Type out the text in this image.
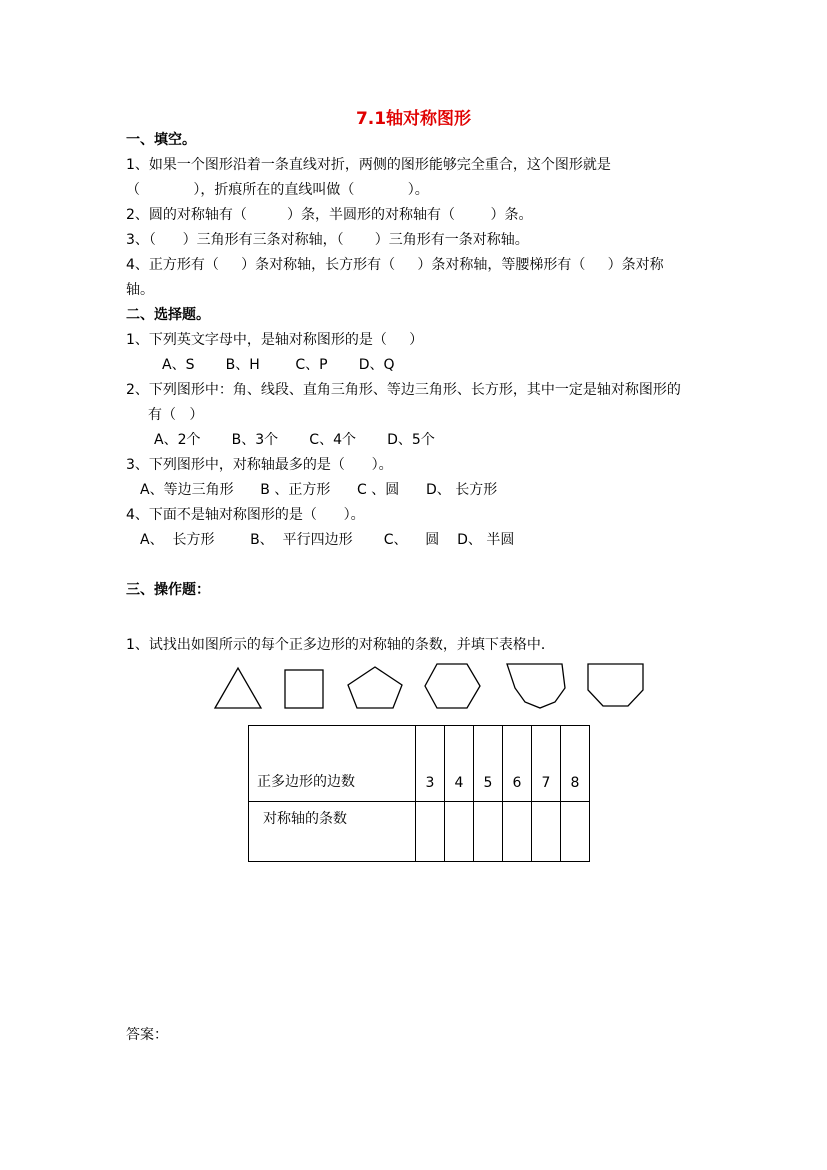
7.1轴对称图形
一、填空。
1、如果一个图形沿着一条直线对折，两侧的图形能够完全重合，这个图形就是
（            ），折痕所在的直线叫做（            ）。
2、圆的对称轴有（         ）条，半圆形的对称轴有（        ）条。
3、（      ）三角形有三条对称轴，（       ）三角形有一条对称轴。
4、正方形有（     ）条对称轴，长方形有（     ）条对称轴，等腰梯形有（     ）条对称
轴。
二、选择题。
1、下列英文字母中，是轴对称图形的是（     ）
A、S       B、H        C、P       D、Q
2、下列图形中：角、线段、直角三角形、等边三角形、长方形，其中一定是轴对称图形的
有（   ）
A、2个       B、3个       C、4个       D、5个
3、下列图形中，对称轴最多的是（      ）。
A、等边三角形      B 、正方形      C 、圆      D、 长方形
4、下面不是轴对称图形的是（      ）。
A、  长方形        B、  平行四边形       C、    圆    D、 半圆
三、操作题：
1、试找出如图所示的每个正多边形的对称轴的条数，并填下表格中．
正多边形的边数	3	4	5	6	7	8
对称轴的条数						
答案：
